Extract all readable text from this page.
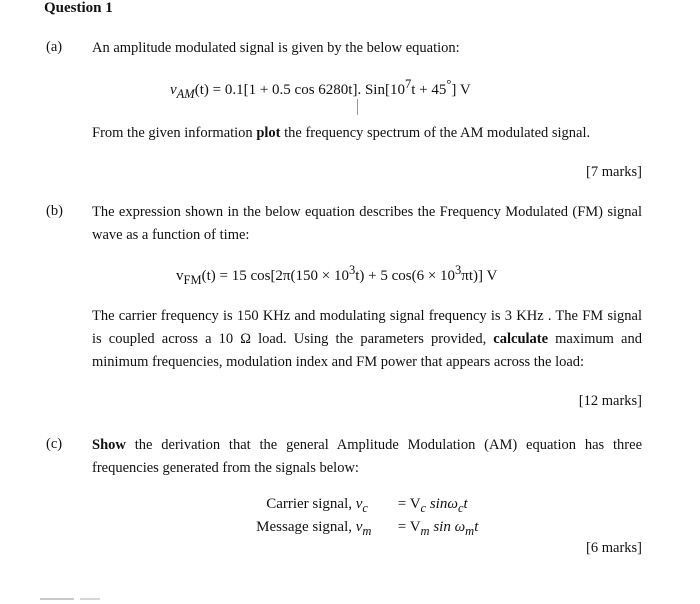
Question 1
(a) An amplitude modulated signal is given by the below equation:
$v_{AM}(t) = 0.1[1 + 0.5$ cos 6280t]. $Sin[10^7t + 45^\circ]$ V
From the given information plot the frequency spectrum of the AM modulated signal.
[7 marks]
(b) The expression shown in the below equation describes the Frequency Modulated (FM) signal wave as a function of time:
$v_{FM}(t) = 15$ $\cos[2\pi(150 \times 10^3t) + 5$ $\cos(6 \times 10^3\pi t)$] V
The carrier frequency is 150 KHz and modulating signal frequency is 3 KHz . The FM signal is coupled across a 10 Ω load. Using the parameters provided, calculate maximum and minimum frequencies, modulation index and FM power that appears across the load:
[12 marks]
(c) Show the derivation that the general Amplitude Modulation (AM) equation has three frequencies generated from the signals below:
Carrier signal, $v_c = V_c$ sinω$_c$t
Message signal, $v_m = V_m$ $\sin \omega_mt$
[6 marks]
